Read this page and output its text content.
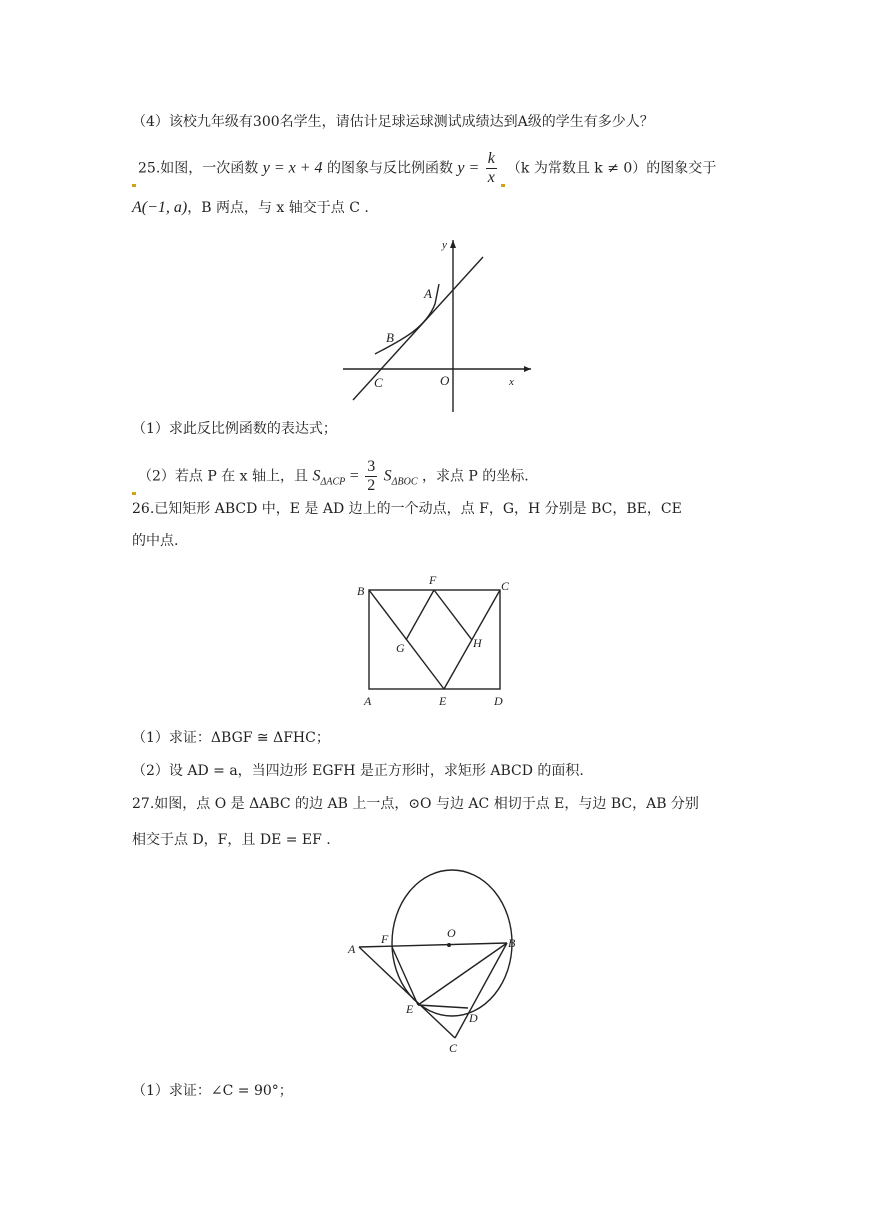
（4）该校九年级有300名学生，请估计足球运球测试成绩达到A级的学生有多少人？
25.如图，一次函数 y = x + 4 的图象与反比例函数 $y = \frac{k}{x} (k$ 为常数且 k ≠ 0）的图象交于
A(−1, a)，B 两点，与 x 轴交于点 C .
y
x
A
B
C	O
（1）求此反比例函数的表达式；
（2）若点 P 在 x 轴上，且 $S_{\Delta ACP} = \frac{3}{2} S_{\Delta BOC}$ ，求点 P 的坐标.
26.已知矩形 ABCD 中，E 是 AD 边上的一个动点，点 F，G，H 分别是 BC，BE，CE
的中点.
B
F	C
G	H
A	E	D
（1）求证：ΔBGF ≅ ΔFHC；
（2）设 AD = a，当四边形 EGFH 是正方形时，求矩形 ABCD 的面积.
27.如图，点 O 是 ΔABC 的边 AB 上一点，⊙O 与边 AC 相切于点 E，与边 BC，AB 分别
相交于点 D，F，且 DE = EF .
A
F	O
B
E
D
C
（1）求证：∠C = 90°；
